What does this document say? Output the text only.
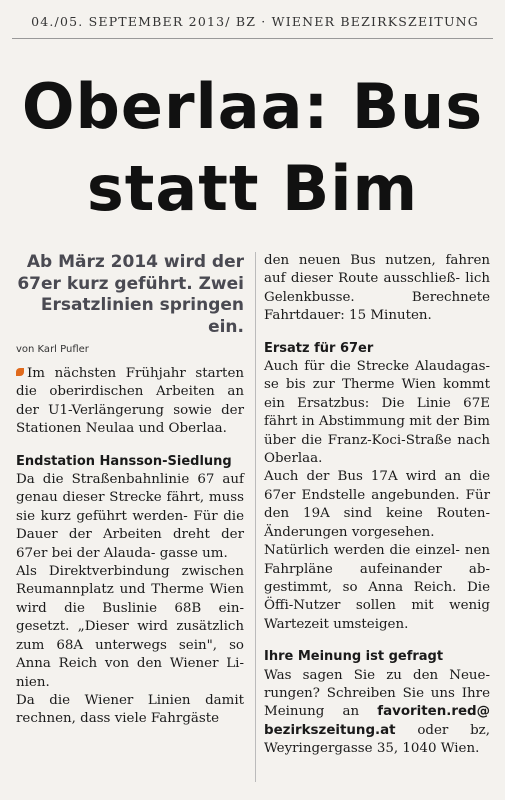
04./05. SEPTEMBER 2013/ BZ · WIENER BEZIRKSZEITUNG
Oberlaa: Bus
statt Bim

Ab März 2014 wird der 67er kurz geführt. Zwei Ersatzlinien springen ein.

von Karl Pufler

Im nächsten Frühjahr starten die oberirdischen Arbeiten an der U1-Verlängerung sowie der Stationen Neulaa und Oberlaa.

Endstation Hansson-Siedlung

Da die Straßenbahnlinie 67 auf genau dieser Strecke fährt, muss sie kurz geführt werden- Für die Dauer der Arbeiten dreht der 67er bei der Alauda- gasse um.

Als Direktverbindung zwischen Reumannplatz und Therme Wien wird die Buslinie 68B ein- gesetzt. „Dieser wird zusätzlich zum 68A unterwegs sein", so Anna Reich von den Wiener Li- nien.

Da die Wiener Linien damit rechnen, dass viele Fahrgäste

den neuen Bus nutzen, fahren auf dieser Route ausschließ- lich Gelenkbusse. Berechnete Fahrtdauer: 15 Minuten.

Ersatz für 67er

Auch für die Strecke Alaudagas- se bis zur Therme Wien kommt ein Ersatzbus: Die Linie 67E fährt in Abstimmung mit der Bim über die Franz-Koci-Straße nach Oberlaa.

Auch der Bus 17A wird an die 67er Endstelle angebunden. Für den 19A sind keine Routen- Änderungen vorgesehen.

Natürlich werden die einzel- nen Fahrpläne aufeinander ab- gestimmt, so Anna Reich. Die Öffi-Nutzer sollen mit wenig Wartezeit umsteigen.

Ihre Meinung ist gefragt

Was sagen Sie zu den Neue- rungen? Schreiben Sie uns Ihre Meinung an favoriten.red@ bezirkszeitung.at oder bz, Weyringergasse 35, 1040 Wien.
